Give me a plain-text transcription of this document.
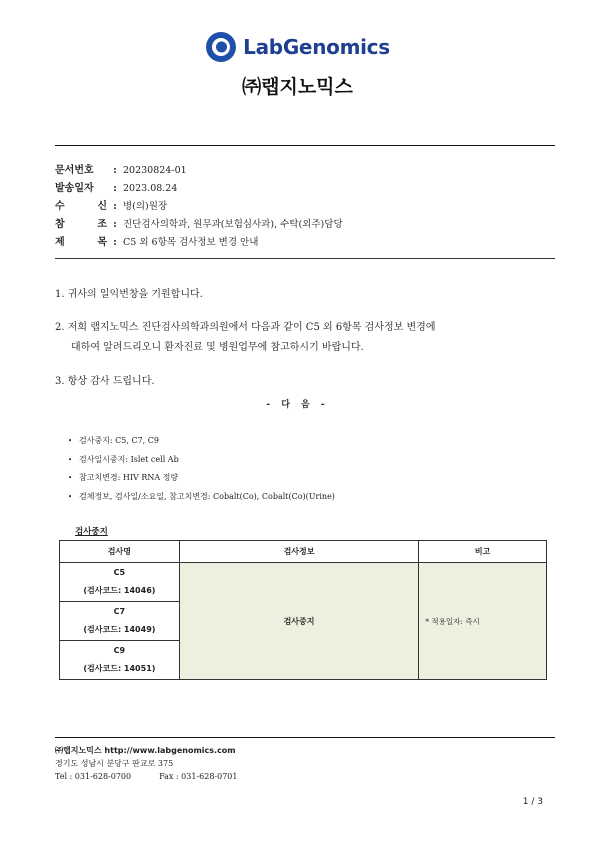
LabGenomics
㈜랩지노믹스
문서번호	: 20230824-01
발송일자	: 2023.08.24
수	신 : 병(의)원장
참	조 : 진단검사의학과, 원무과(보험심사과), 수탁(외주)담당
제	목 : C5 외 6항목 검사정보 변경 안내
1. 귀사의 일익번창을 기원합니다.
2. 저희 랩지노믹스 진단검사의학과의원에서 다음과 같이 C5 외 6항목 검사정보 변경에
대하여 알려드리오니 환자진료 및 병원업무에 참고하시기 바랍니다.
3. 항상 감사 드립니다.
- 다 음 -
• 검사중지: C5, C7, C9
• 검사일시중지: Islet cell Ab
• 참고치변경: HIV RNA 정량
• 검체정보, 검사일/소요일, 참고치변경: Cobalt(Co), Cobalt(Co)(Urine)
검사중지
검사명	검사정보	비고

C5
(검사코드: 14046)	검사중지	* 적용일자: 즉시

C7
(검사코드: 14049)		

C9
(검사코드: 14051)		
㈜랩지노믹스 http://www.labgenomics.com
경기도 성남시 분당구 판교로 375
Tel : 031-628-0700	Fax : 031-628-0701
1 / 3
